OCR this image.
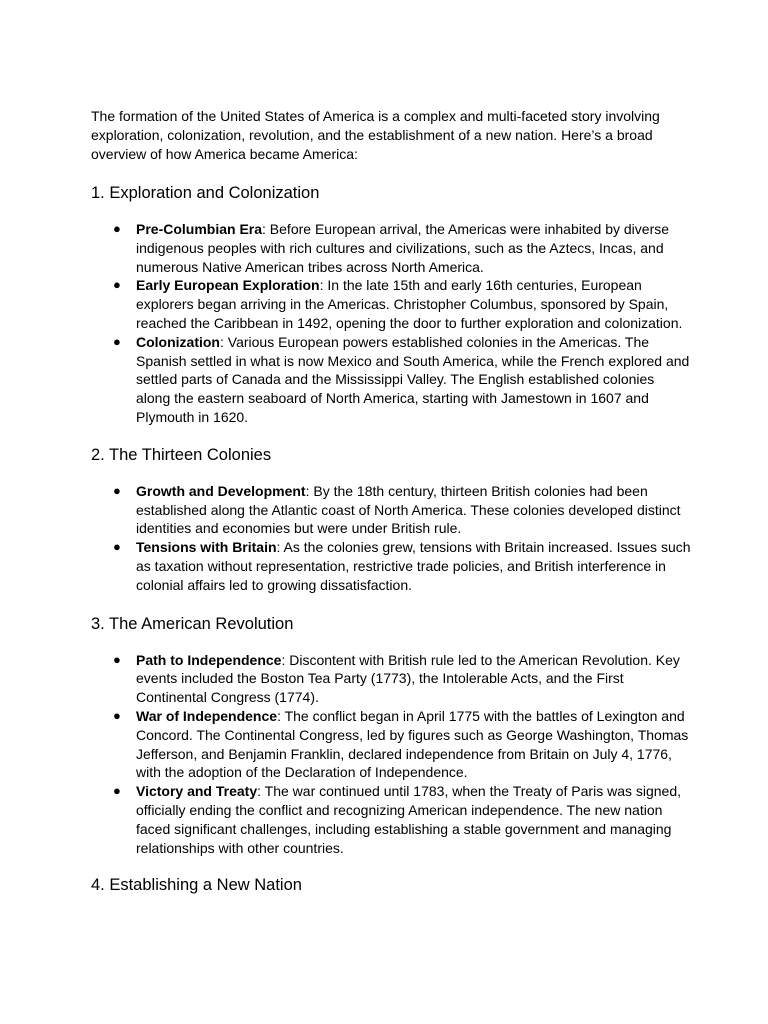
The formation of the United States of America is a complex and multi-faceted story involving exploration, colonization, revolution, and the establishment of a new nation. Here’s a broad overview of how America became America:

1. Exploration and Colonization
● Pre-Columbian Era: Before European arrival, the Americas were inhabited by diverse indigenous peoples with rich cultures and civilizations, such as the Aztecs, Incas, and numerous Native American tribes across North America.
● Early European Exploration: In the late 15th and early 16th centuries, European explorers began arriving in the Americas. Christopher Columbus, sponsored by Spain, reached the Caribbean in 1492, opening the door to further exploration and colonization.
● Colonization: Various European powers established colonies in the Americas. The Spanish settled in what is now Mexico and South America, while the French explored and settled parts of Canada and the Mississippi Valley. The English established colonies along the eastern seaboard of North America, starting with Jamestown in 1607 and Plymouth in 1620.
2. The Thirteen Colonies
● Growth and Development: By the 18th century, thirteen British colonies had been established along the Atlantic coast of North America. These colonies developed distinct identities and economies but were under British rule.
● Tensions with Britain: As the colonies grew, tensions with Britain increased. Issues such as taxation without representation, restrictive trade policies, and British interference in colonial affairs led to growing dissatisfaction.
3. The American Revolution
● Path to Independence: Discontent with British rule led to the American Revolution. Key events included the Boston Tea Party (1773), the Intolerable Acts, and the First Continental Congress (1774).
● War of Independence: The conflict began in April 1775 with the battles of Lexington and Concord. The Continental Congress, led by figures such as George Washington, Thomas Jefferson, and Benjamin Franklin, declared independence from Britain on July 4, 1776, with the adoption of the Declaration of Independence.
● Victory and Treaty: The war continued until 1783, when the Treaty of Paris was signed, officially ending the conflict and recognizing American independence. The new nation faced significant challenges, including establishing a stable government and managing relationships with other countries.
4. Establishing a New Nation
